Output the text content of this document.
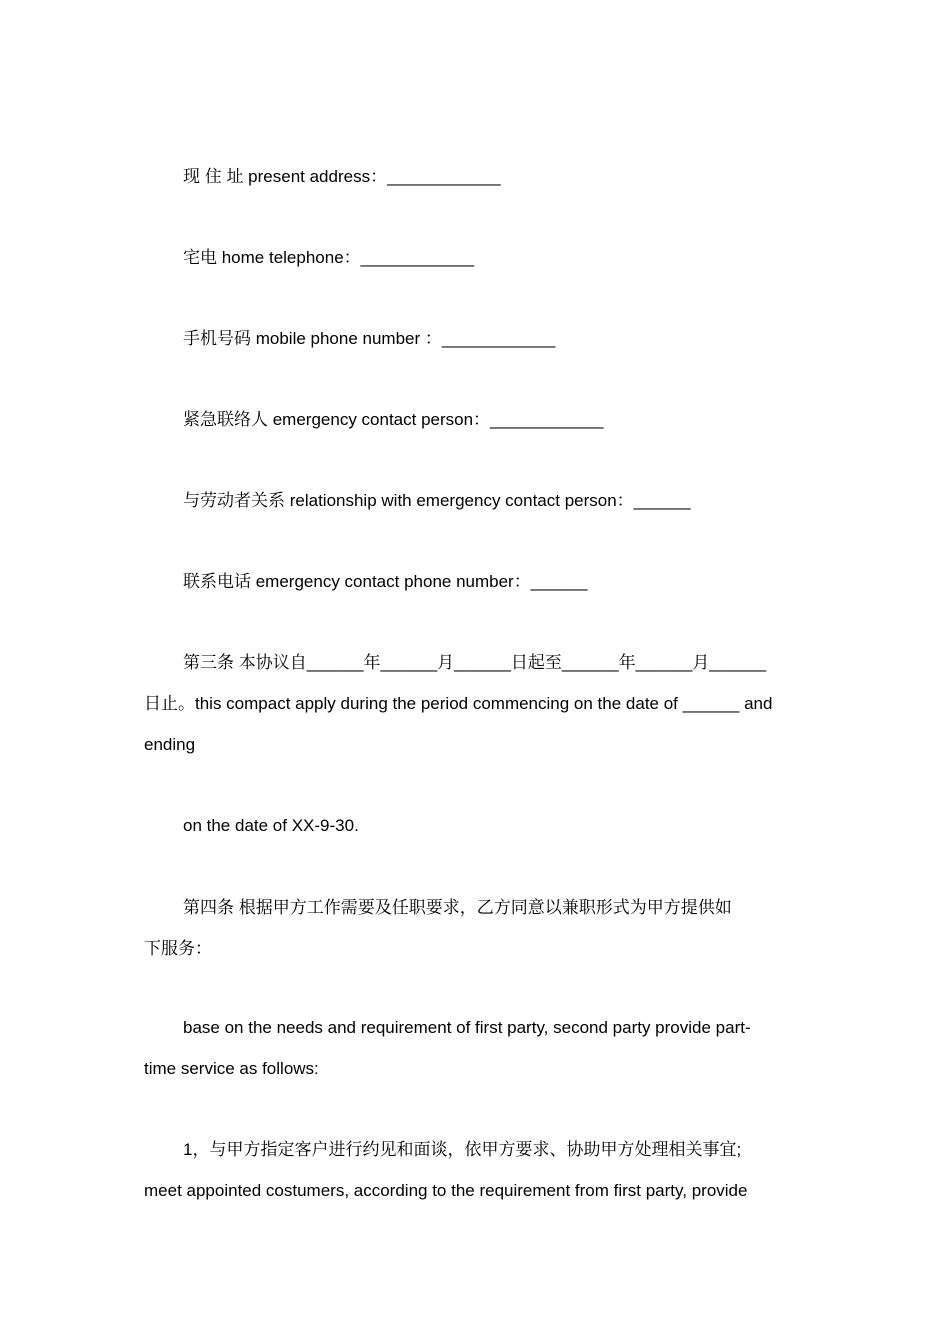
现 住 址 present address：____________
宅电 home telephone：____________
手机号码 mobile phone number ：____________
紧急联络人 emergency contact person：____________
与劳动者关系 relationship with emergency contact person：______
联系电话 emergency contact phone number：______
第三条 本协议自______年______月______日起至______年______月______
日止。this compact apply during the period commencing on the date of ______ and
ending
on the date of XX-9-30.
第四条 根据甲方工作需要及任职要求，乙方同意以兼职形式为甲方提供如
下服务：
base on the needs and requirement of first party, second party provide part-
time service as follows:
1，与甲方指定客户进行约见和面谈，依甲方要求、协助甲方处理相关事宜;
meet appointed costumers, according to the requirement from first party, provide
